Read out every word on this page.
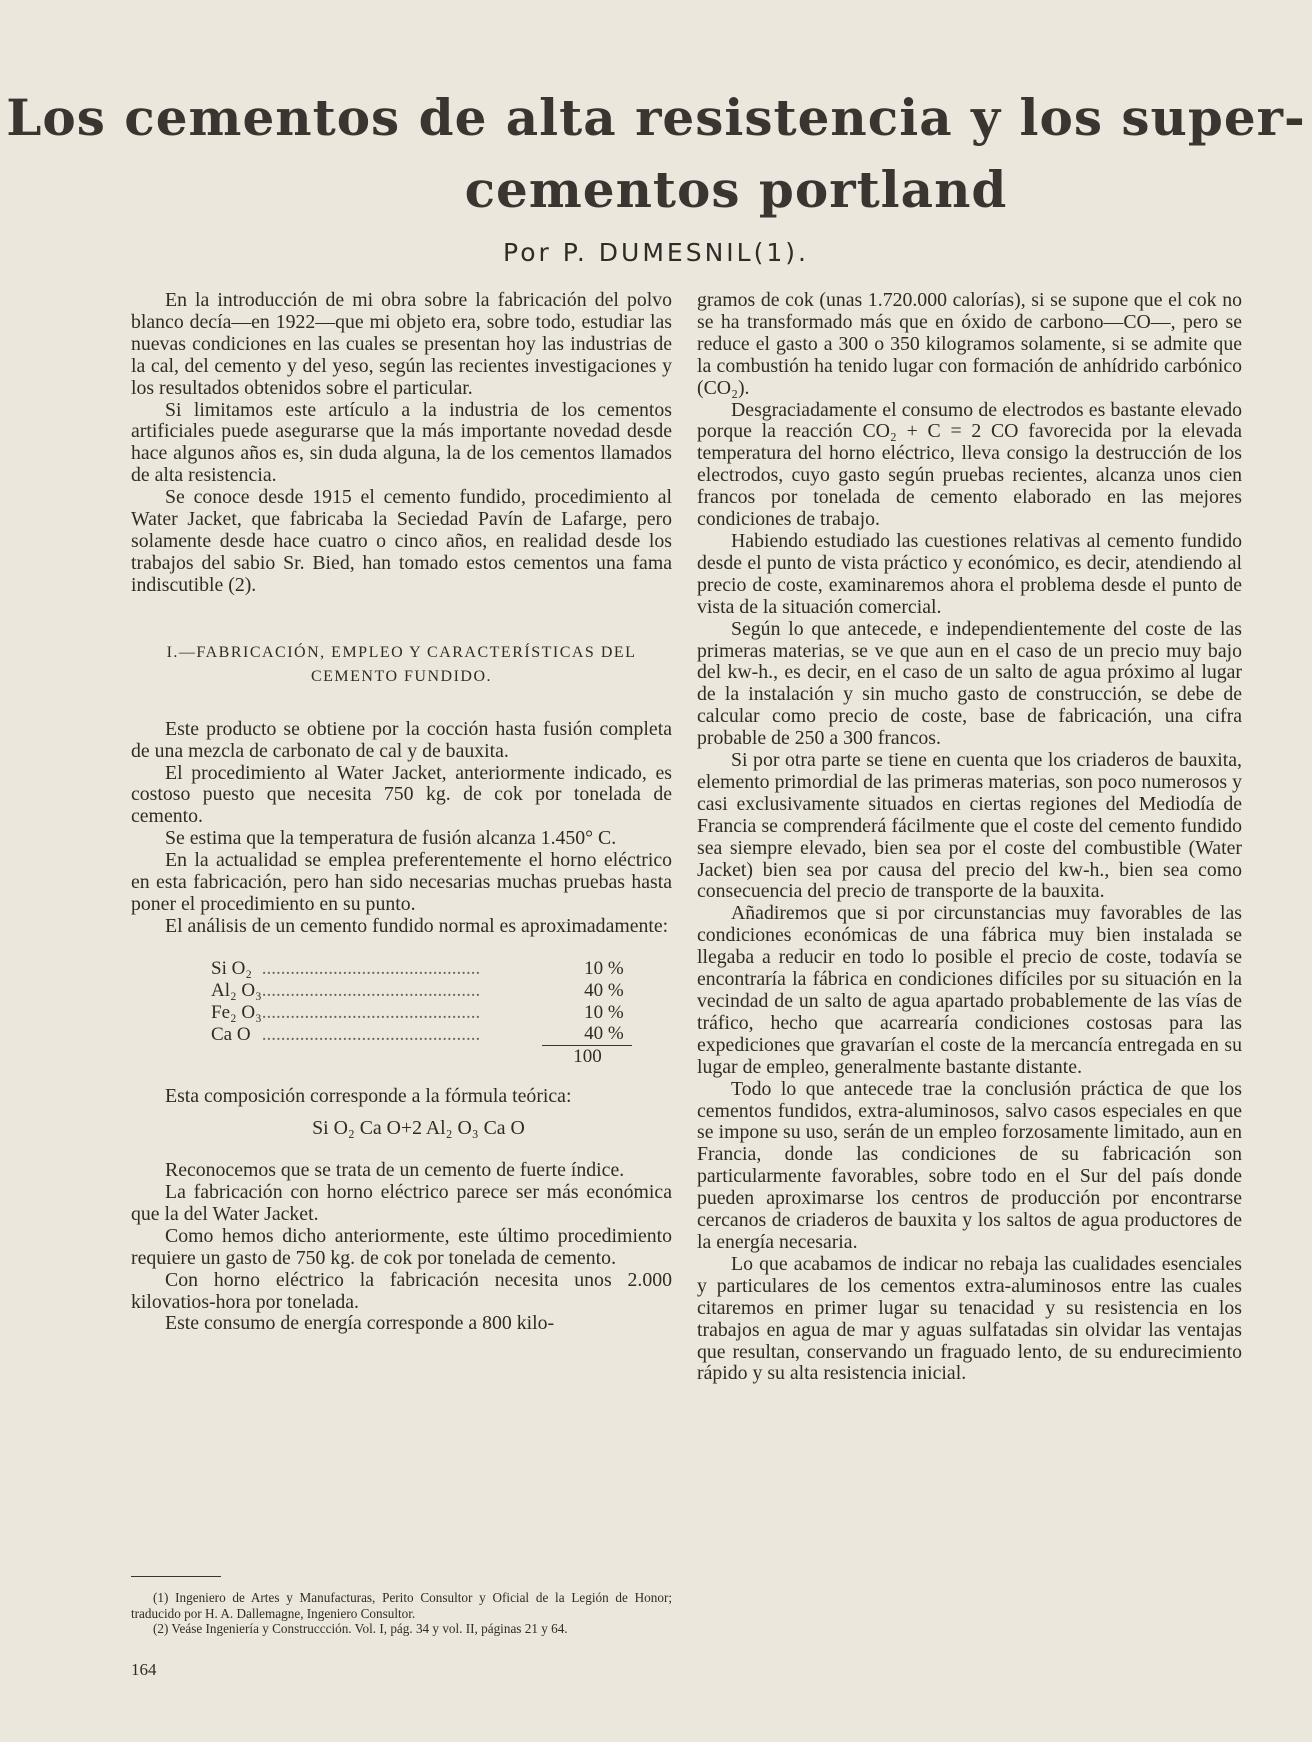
Los cementos de alta resistencia y los super-
cementos portland
Por P. DUMESNIL(1).

En la introducción de mi obra sobre la fabricación del polvo blanco decía—en 1922—que mi objeto era, sobre todo, estudiar las nuevas condiciones en las cuales se presentan hoy las industrias de la cal, del cemento y del yeso, según las recientes investigaciones y los resultados obtenidos sobre el particular.

Si limitamos este artículo a la industria de los cementos artificiales puede asegurarse que la más importante novedad desde hace algunos años es, sin duda alguna, la de los cementos llamados de alta resistencia.

Se conoce desde 1915 el cemento fundido, procedimiento al Water Jacket, que fabricaba la Seciedad Pavín de Lafarge, pero solamente desde hace cuatro o cinco años, en realidad desde los trabajos del sabio Sr. Bied, han tomado estos cementos una fama indiscutible (2).

I.—FABRICACIÓN, EMPLEO Y CARACTERÍSTICAS DEL CEMENTO FUNDIDO.

Este producto se obtiene por la cocción hasta fusión completa de una mezcla de carbonato de cal y de bauxita.

El procedimiento al Water Jacket, anteriormente indicado, es costoso puesto que necesita 750 kg. de cok por tonelada de cemento.

Se estima que la temperatura de fusión alcanza 1.450° C.

En la actualidad se emplea preferentemente el horno eléctrico en esta fabricación, pero han sido necesarias muchas pruebas hasta poner el procedimiento en su punto.

El análisis de un cemento fundido normal es aproximadamente:

Si O₂	..............................................	10 %
Al₂ O₃	..............................................	40 %
Fe₂ O₃	..............................................	10 %
Ca O	..............................................	40 %
		100

Esta composición corresponde a la fórmula teórica:

Si O₂ Ca O+2 Al₂ O₃ Ca O

Reconocemos que se trata de un cemento de fuerte índice.

La fabricación con horno eléctrico parece ser más económica que la del Water Jacket.

Como hemos dicho anteriormente, este último procedimiento requiere un gasto de 750 kg. de cok por tonelada de cemento.

Con horno eléctrico la fabricación necesita unos 2.000 kilovatios-hora por tonelada.

Este consumo de energía corresponde a 800 kilo-

gramos de cok (unas 1.720.000 calorías), si se supone que el cok no se ha transformado más que en óxido de carbono—CO—, pero se reduce el gasto a 300 o 350 kilogramos solamente, si se admite que la combustión ha tenido lugar con formación de anhídrido carbónico (CO₂).

Desgraciadamente el consumo de electrodos es bastante elevado porque la reacción CO₂ + C = 2 CO favorecida por la elevada temperatura del horno eléctrico, lleva consigo la destrucción de los electrodos, cuyo gasto según pruebas recientes, alcanza unos cien francos por tonelada de cemento elaborado en las mejores condiciones de trabajo.

Habiendo estudiado las cuestiones relativas al cemento fundido desde el punto de vista práctico y económico, es decir, atendiendo al precio de coste, examinaremos ahora el problema desde el punto de vista de la situación comercial.

Según lo que antecede, e independientemente del coste de las primeras materias, se ve que aun en el caso de un precio muy bajo del kw-h., es decir, en el caso de un salto de agua próximo al lugar de la instalación y sin mucho gasto de construcción, se debe de calcular como precio de coste, base de fabricación, una cifra probable de 250 a 300 francos.

Si por otra parte se tiene en cuenta que los criaderos de bauxita, elemento primordial de las primeras materias, son poco numerosos y casi exclusivamente situados en ciertas regiones del Mediodía de Francia se comprenderá fácilmente que el coste del cemento fundido sea siempre elevado, bien sea por el coste del combustible (Water Jacket) bien sea por causa del precio del kw-h., bien sea como consecuencia del precio de transporte de la bauxita.

Añadiremos que si por circunstancias muy favorables de las condiciones económicas de una fábrica muy bien instalada se llegaba a reducir en todo lo posible el precio de coste, todavía se encontraría la fábrica en condiciones difíciles por su situación en la vecindad de un salto de agua apartado probablemente de las vías de tráfico, hecho que acarrearía condiciones costosas para las expediciones que gravarían el coste de la mercancía entregada en su lugar de empleo, generalmente bastante distante.

Todo lo que antecede trae la conclusión práctica de que los cementos fundidos, extra-aluminosos, salvo casos especiales en que se impone su uso, serán de un empleo forzosamente limitado, aun en Francia, donde las condiciones de su fabricación son particularmente favorables, sobre todo en el Sur del país donde pueden aproximarse los centros de producción por encontrarse cercanos de criaderos de bauxita y los saltos de agua productores de la energía necesaria.

Lo que acabamos de indicar no rebaja las cualidades esenciales y particulares de los cementos extra-aluminosos entre las cuales citaremos en primer lugar su tenacidad y su resistencia en los trabajos en agua de mar y aguas sulfatadas sin olvidar las ventajas que resultan, conservando un fraguado lento, de su endurecimiento rápido y su alta resistencia inicial.

(1) Ingeniero de Artes y Manufacturas, Perito Consultor y Oficial de la Legión de Honor; traducido por H. A. Dallemagne, Ingeniero Consultor.

(2) Veáse Ingeniería y Construccción. Vol. I, pág. 34 y vol. II, páginas 21 y 64.

164
